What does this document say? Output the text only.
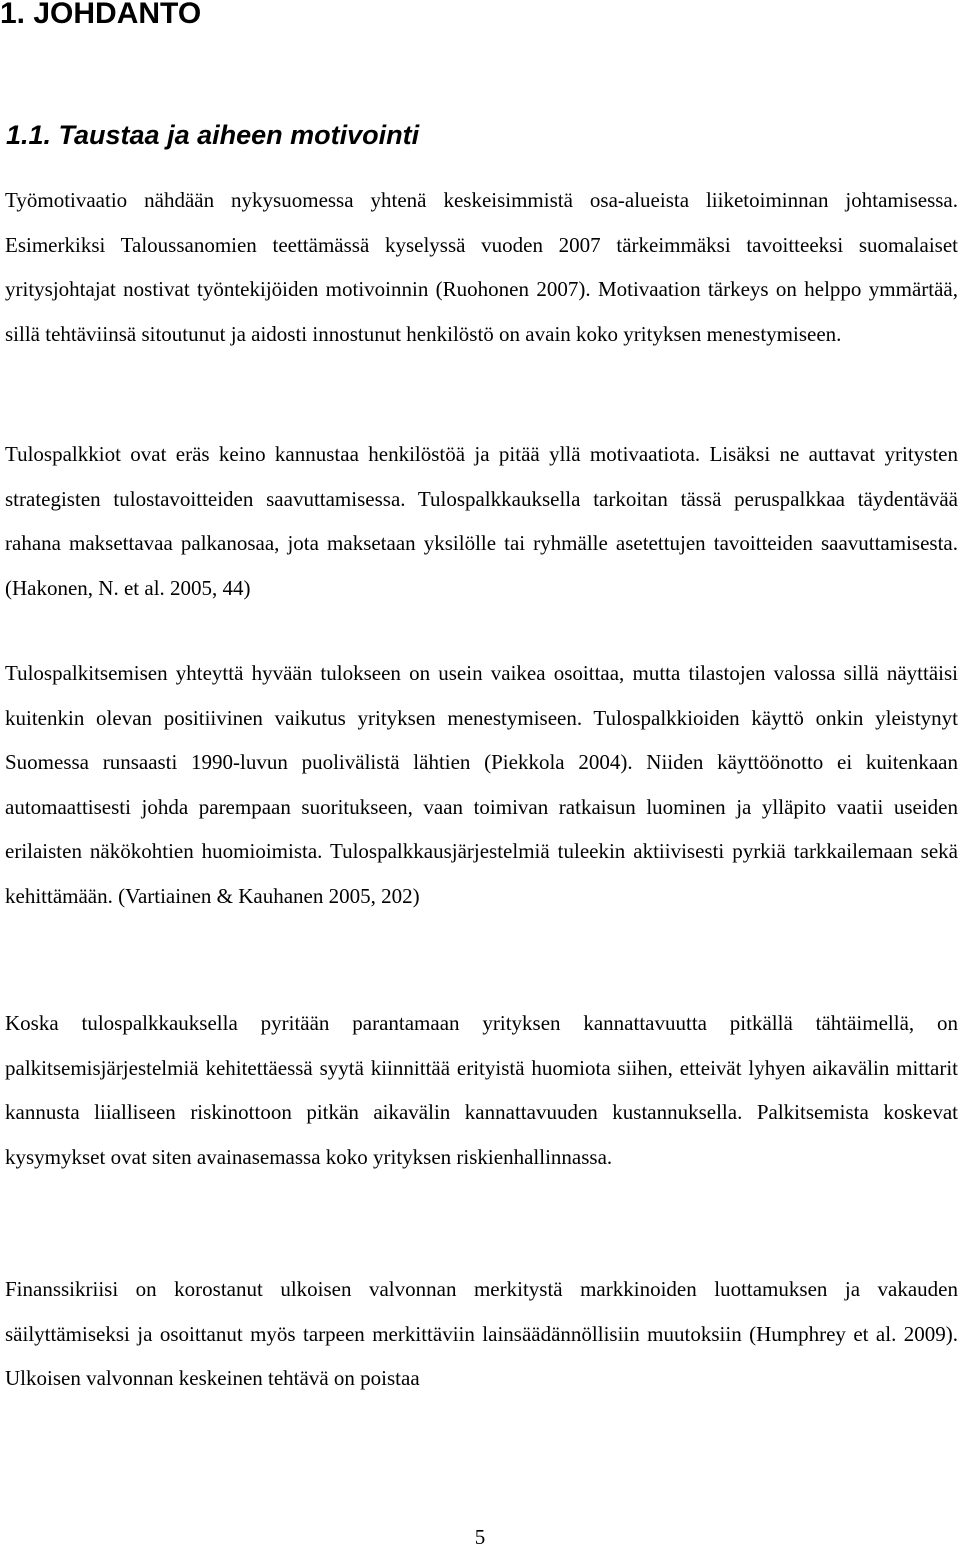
1. JOHDANTO
1.1. Taustaa ja aiheen motivointi

Työmotivaatio nähdään nykysuomessa yhtenä keskeisimmistä osa-alueista liiketoiminnan johtamisessa. Esimerkiksi Taloussanomien teettämässä kyselyssä vuoden 2007 tärkeimmäksi tavoitteeksi suomalaiset yritysjohtajat nostivat työntekijöiden motivoinnin (Ruohonen 2007). Motivaation tärkeys on helppo ymmärtää, sillä tehtäviinsä sitoutunut ja aidosti innostunut henkilöstö on avain koko yrityksen menestymiseen.

Tulospalkkiot ovat eräs keino kannustaa henkilöstöä ja pitää yllä motivaatiota. Lisäksi ne auttavat yritysten strategisten tulostavoitteiden saavuttamisessa. Tulospalkkauksella tarkoitan tässä peruspalkkaa täydentävää rahana maksettavaa palkanosaa, jota maksetaan yksilölle tai ryhmälle asetettujen tavoitteiden saavuttamisesta. (Hakonen, N. et al. 2005, 44)

Tulospalkitsemisen yhteyttä hyvään tulokseen on usein vaikea osoittaa, mutta tilastojen valossa sillä näyttäisi kuitenkin olevan positiivinen vaikutus yrityksen menestymiseen. Tulospalkkioiden käyttö onkin yleistynyt Suomessa runsaasti 1990-luvun puolivälistä lähtien (Piekkola 2004). Niiden käyttöönotto ei kuitenkaan automaattisesti johda parempaan suoritukseen, vaan toimivan ratkaisun luominen ja ylläpito vaatii useiden erilaisten näkökohtien huomioimista. Tulospalkkausjärjestelmiä tuleekin aktiivisesti pyrkiä tarkkailemaan sekä kehittämään. (Vartiainen & Kauhanen 2005, 202)

Koska tulospalkkauksella pyritään parantamaan yrityksen kannattavuutta pitkällä tähtäimellä, on palkitsemisjärjestelmiä kehitettäessä syytä kiinnittää erityistä huomiota siihen, etteivät lyhyen aikavälin mittarit kannusta liialliseen riskinottoon pitkän aikavälin kannattavuuden kustannuksella. Palkitsemista koskevat kysymykset ovat siten avainasemassa koko yrityksen riskienhallinnassa.

Finanssikriisi on korostanut ulkoisen valvonnan merkitystä markkinoiden luottamuksen ja vakauden säilyttämiseksi ja osoittanut myös tarpeen merkittäviin lainsäädännöllisiin muutoksiin (Humphrey et al. 2009). Ulkoisen valvonnan keskeinen tehtävä on poistaa

5
